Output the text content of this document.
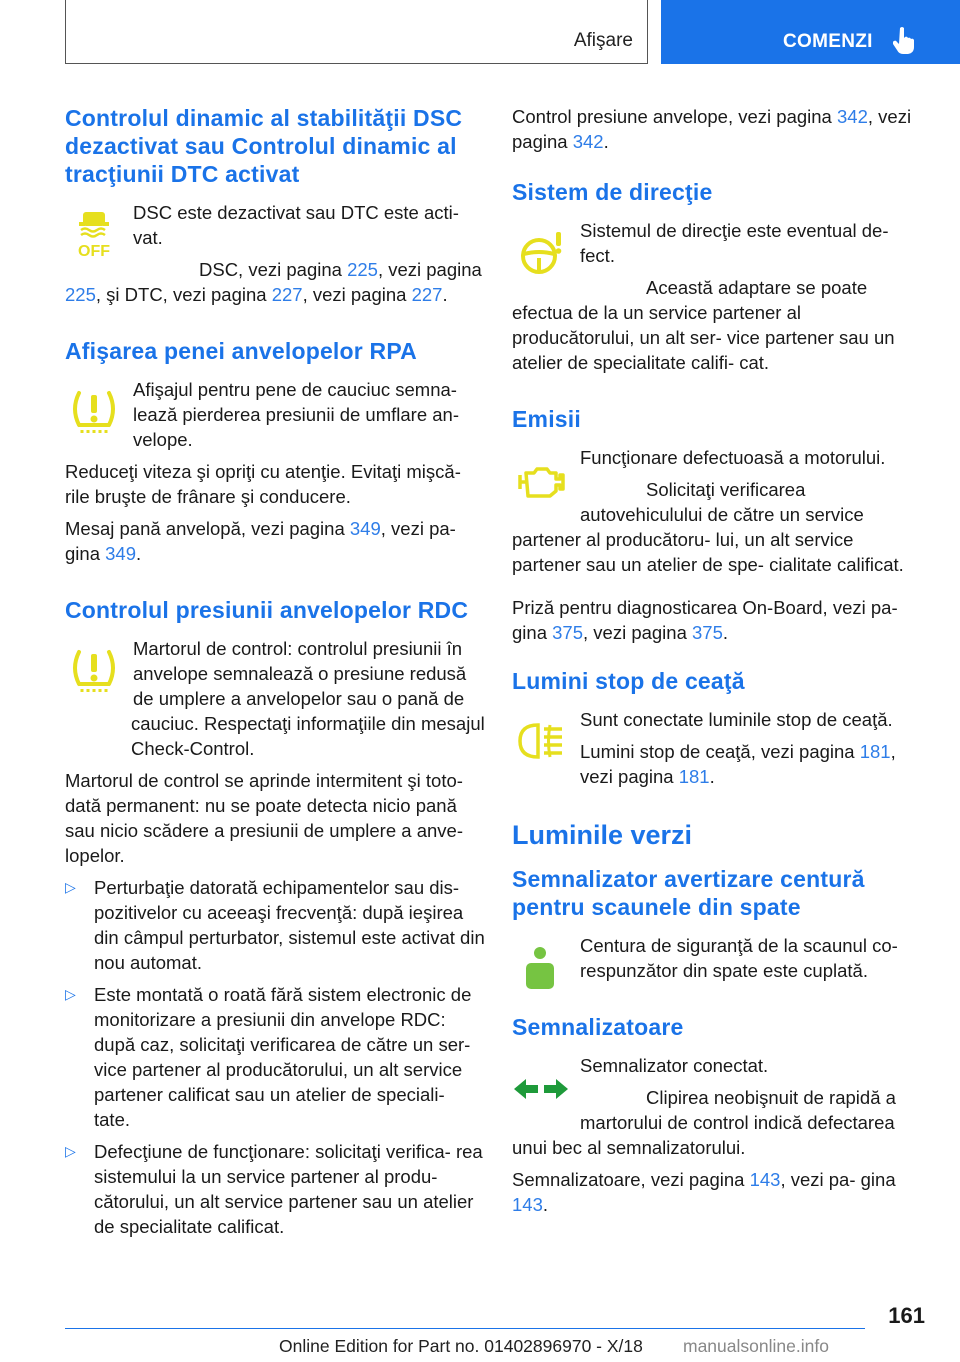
Afişare	COMENZI
Controlul dinamic al stabilităţii DSC dezactivat sau Controlul dinamic al tracţiunii DTC activat
OFF

DSC este dezactivat sau DTC este acti‐ vat.

DSC, vezi pagina 225, vezi pagina 225, şi DTC, vezi pagina 227, vezi pagina 227.

Afişarea penei anvelopelor RPA

Afişajul pentru pene de cauciuc semna‐ lează pierderea presiunii de umflare an‐ velope.

Reduceţi viteza şi opriţi cu atenţie. Evitaţi mişcă‐ rile bruşte de frânare şi conducere.

Mesaj pană anvelopă, vezi pagina 349, vezi pa‐ gina 349.

Controlul presiunii anvelopelor RDC

Martorul de control: controlul presiunii în anvelope semnalează o presiune redusă de umplere a anvelopelor sau o pană de cauciuc. Respectaţi informaţiile din mesajul Check-Control.

Martorul de control se aprinde intermitent şi toto‐ dată permanent: nu se poate detecta nicio pană sau nicio scădere a presiunii de umplere a anve‐ lopelor.

▷ Perturbaţie datorată echipamentelor sau dis‐ pozitivelor cu aceeaşi frecvenţă: după ieşirea din câmpul perturbator, sistemul este activat din nou automat.
▷ Este montată o roată fără sistem electronic de monitorizare a presiunii din anvelope RDC: după caz, solicitaţi verificarea de către un ser‐ vice partener al producătorului, un alt service partener calificat sau un atelier de speciali‐ tate.
▷ Defecţiune de funcţionare: solicitaţi verifica‐ rea sistemului la un service partener al produ‐ cătorului, un alt service partener sau un atelier de specialitate calificat.

Control presiune anvelope, vezi pagina 342, vezi pagina 342.

Sistem de direcţie

Sistemul de direcţie este eventual de‐ fect.

Această adaptare se poate efectua de la un service partener al producătorului, un alt ser‐ vice partener sau un atelier de specialitate califi‐ cat.

Emisii

Funcţionare defectuoasă a motorului.

Solicitaţi verificarea autovehiculului de către un service partener al producătoru‐ lui, un alt service partener sau un atelier de spe‐ cialitate calificat.

Priză pentru diagnosticarea On-Board, vezi pa‐ gina 375, vezi pagina 375.

Lumini stop de ceaţă

Sunt conectate luminile stop de ceaţă.

Lumini stop de ceaţă, vezi pagina 181, vezi pagina 181.

Luminile verzi
Semnalizator avertizare centură pentru scaunele din spate

Centura de siguranţă de la scaunul co‐ respunzător din spate este cuplată.

Semnalizatoare

Semnalizator conectat.

Clipirea neobişnuit de rapidă a martorului de control indică defectarea unui bec al semnalizatorului.

Semnalizatoare, vezi pagina 143, vezi pa‐ gina 143.

161
Online Edition for Part no. 01402896970 - X/18 manualsonline.info
